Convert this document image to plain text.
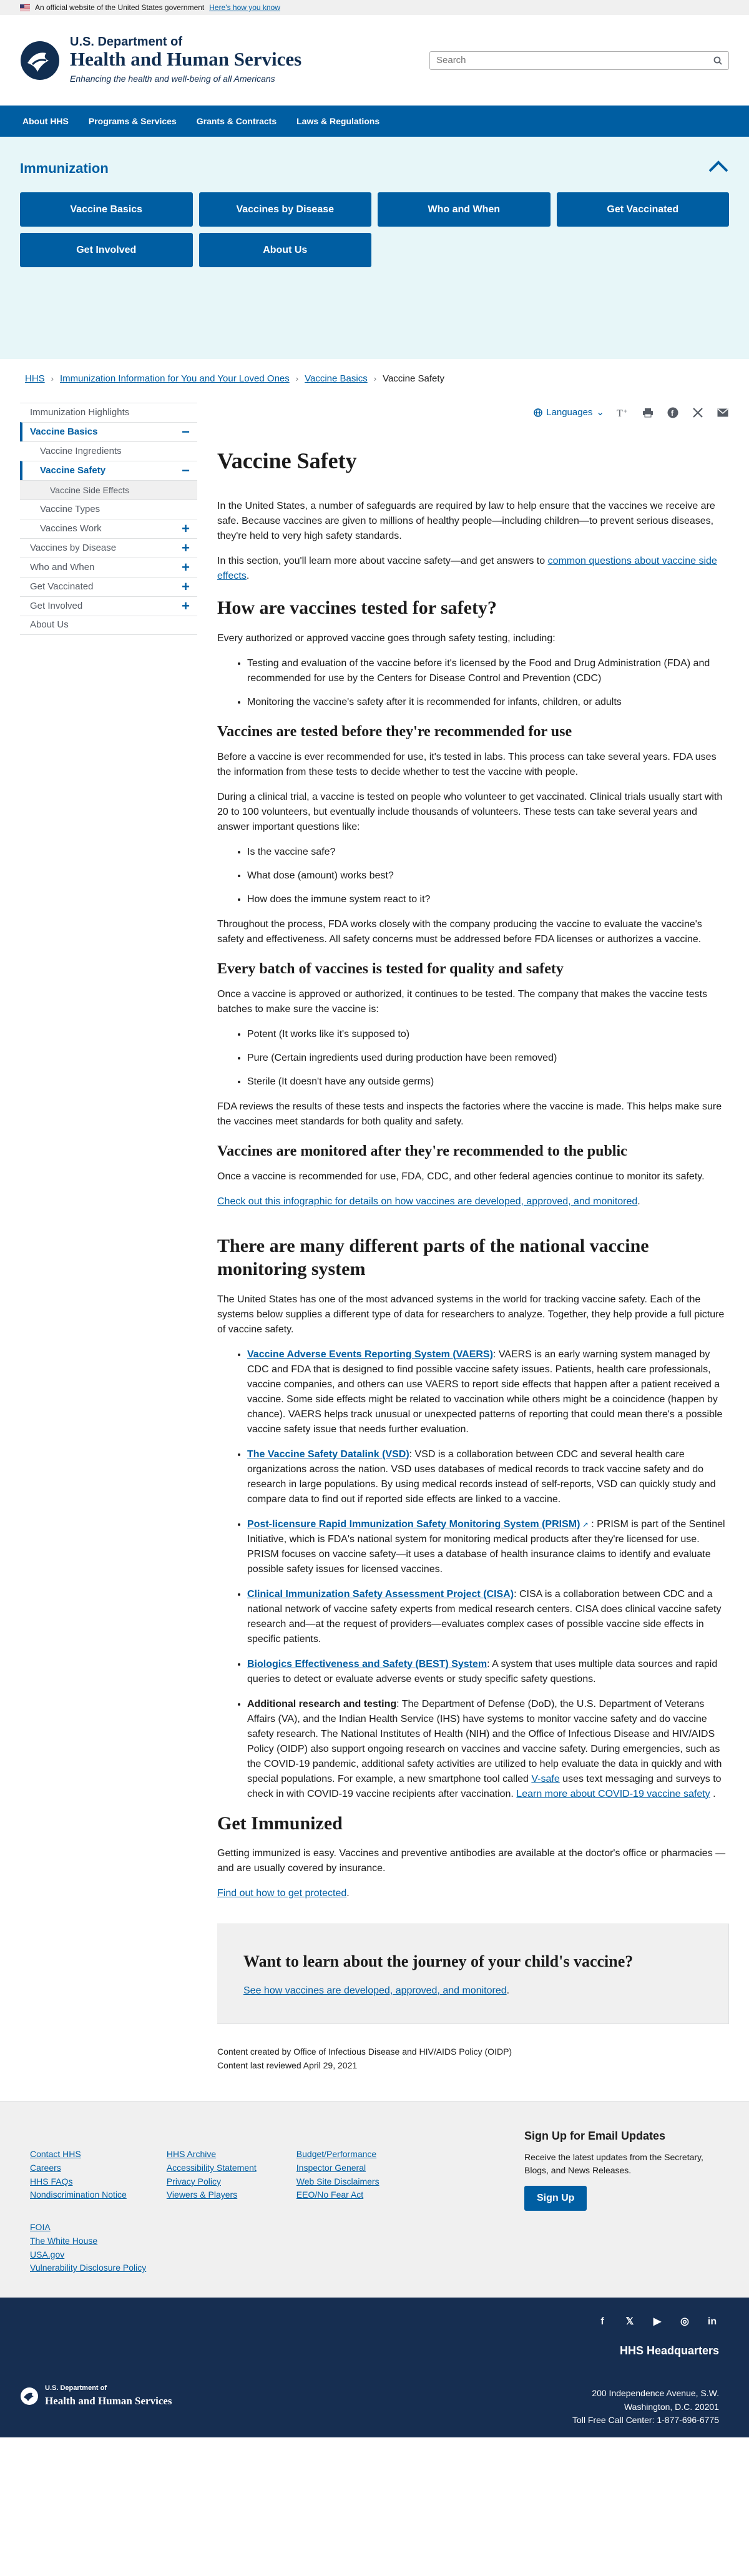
An official website of the United States government Here's how you know
U.S. Department of
Health and Human Services
Enhancing the health and well-being of all Americans
Search
About HHS Programs & Services Grants & Contracts Laws & Regulations
Immunization
Vaccine Basics	Vaccines by Disease	Who and When	Get Vaccinated
Get Involved	About Us
HHS › Immunization Information for You and Your Loved Ones › Vaccine Basics › Vaccine Safety
Immunization Highlights
Vaccine Basics	−
Vaccine Ingredients
Vaccine Safety	−
Vaccine Side Effects
Vaccine Types
Vaccines Work	+
Vaccines by Disease	+
Who and When	+
Get Vaccinated	+
Get Involved	+
About Us
Languages ⌄ T +	f
Vaccine Safety

In the United States, a number of safeguards are required by law to help ensure that the vaccines we receive are safe. Because vaccines are given to millions of healthy people—including children—to prevent serious diseases, they're held to very high safety standards.

In this section, you'll learn more about vaccine safety—and get answers to common questions about vaccine side effects.

How are vaccines tested for safety?

Every authorized or approved vaccine goes through safety testing, including:

• Testing and evaluation of the vaccine before it's licensed by the Food and Drug Administration (FDA) and recommended for use by the Centers for Disease Control and Prevention (CDC)
• Monitoring the vaccine's safety after it is recommended for infants, children, or adults
Vaccines are tested before they're recommended for use

Before a vaccine is ever recommended for use, it's tested in labs. This process can take several years. FDA uses the information from these tests to decide whether to test the vaccine with people.

During a clinical trial, a vaccine is tested on people who volunteer to get vaccinated. Clinical trials usually start with 20 to 100 volunteers, but eventually include thousands of volunteers. These tests can take several years and answer important questions like:

• Is the vaccine safe?
• What dose (amount) works best?
• How does the immune system react to it?

Throughout the process, FDA works closely with the company producing the vaccine to evaluate the vaccine's safety and effectiveness. All safety concerns must be addressed before FDA licenses or authorizes a vaccine.

Every batch of vaccines is tested for quality and safety

Once a vaccine is approved or authorized, it continues to be tested. The company that makes the vaccine tests batches to make sure the vaccine is:

• Potent (It works like it's supposed to)
• Pure (Certain ingredients used during production have been removed)
• Sterile (It doesn't have any outside germs)

FDA reviews the results of these tests and inspects the factories where the vaccine is made. This helps make sure the vaccines meet standards for both quality and safety.

Vaccines are monitored after they're recommended to the public

Once a vaccine is recommended for use, FDA, CDC, and other federal agencies continue to monitor its safety.

Check out this infographic for details on how vaccines are developed, approved, and monitored.

There are many different parts of the national vaccine monitoring system

The United States has one of the most advanced systems in the world for tracking vaccine safety. Each of the systems below supplies a different type of data for researchers to analyze. Together, they help provide a full picture of vaccine safety.

• Vaccine Adverse Events Reporting System (VAERS): VAERS is an early warning system managed by CDC and FDA that is designed to find possible vaccine safety issues. Patients, health care professionals, vaccine companies, and others can use VAERS to report side effects that happen after a patient received a vaccine. Some side effects might be related to vaccination while others might be a coincidence (happen by chance). VAERS helps track unusual or unexpected patterns of reporting that could mean there's a possible vaccine safety issue that needs further evaluation.
• The Vaccine Safety Datalink (VSD): VSD is a collaboration between CDC and several health care organizations across the nation. VSD uses databases of medical records to track vaccine safety and do research in large populations. By using medical records instead of self-reports, VSD can quickly study and compare data to find out if reported side effects are linked to a vaccine.
• Post-licensure Rapid Immunization Safety Monitoring System (PRISM) ↗ : PRISM is part of the Sentinel Initiative, which is FDA's national system for monitoring medical products after they're licensed for use. PRISM focuses on vaccine safety—it uses a database of health insurance claims to identify and evaluate possible safety issues for licensed vaccines.
• Clinical Immunization Safety Assessment Project (CISA): CISA is a collaboration between CDC and a national network of vaccine safety experts from medical research centers. CISA does clinical vaccine safety research and—at the request of providers—evaluates complex cases of possible vaccine side effects in specific patients.
• Biologics Effectiveness and Safety (BEST) System: A system that uses multiple data sources and rapid queries to detect or evaluate adverse events or study specific safety questions.
• Additional research and testing: The Department of Defense (DoD), the U.S. Department of Veterans Affairs (VA), and the Indian Health Service (IHS) have systems to monitor vaccine safety and do vaccine safety research. The National Institutes of Health (NIH) and the Office of Infectious Disease and HIV/AIDS Policy (OIDP) also support ongoing research on vaccines and vaccine safety. During emergencies, such as the COVID-19 pandemic, additional safety activities are utilized to help evaluate the data in quickly and with special populations. For example, a new smartphone tool called V-safe uses text messaging and surveys to check in with COVID-19 vaccine recipients after vaccination. Learn more about COVID-19 vaccine safety .
Get Immunized

Getting immunized is easy. Vaccines and preventive antibodies are available at the doctor's office or pharmacies — and are usually covered by insurance.

Find out how to get protected.

Want to learn about the journey of your child's vaccine?

See how vaccines are developed, approved, and monitored.

Content created by Office of Infectious Disease and HIV/AIDS Policy (OIDP)
Content last reviewed April 29, 2021
Contact HHS
Careers
HHS FAQs
Nondiscrimination Notice
HHS Archive
Accessibility Statement
Privacy Policy
Viewers & Players
Budget/Performance
Inspector General
Web Site Disclaimers
EEO/No Fear Act
FOIA
The White House
USA.gov
Vulnerability Disclosure Policy
Sign Up for Email Updates

Receive the latest updates from the Secretary, Blogs, and News Releases.

Sign Up
U.S. Department of
Health and Human Services
f	𝕏	▶	◎ in
HHS Headquarters
200 Independence Avenue, S.W.
Washington, D.C. 20201
Toll Free Call Center: 1-877-696-6775
